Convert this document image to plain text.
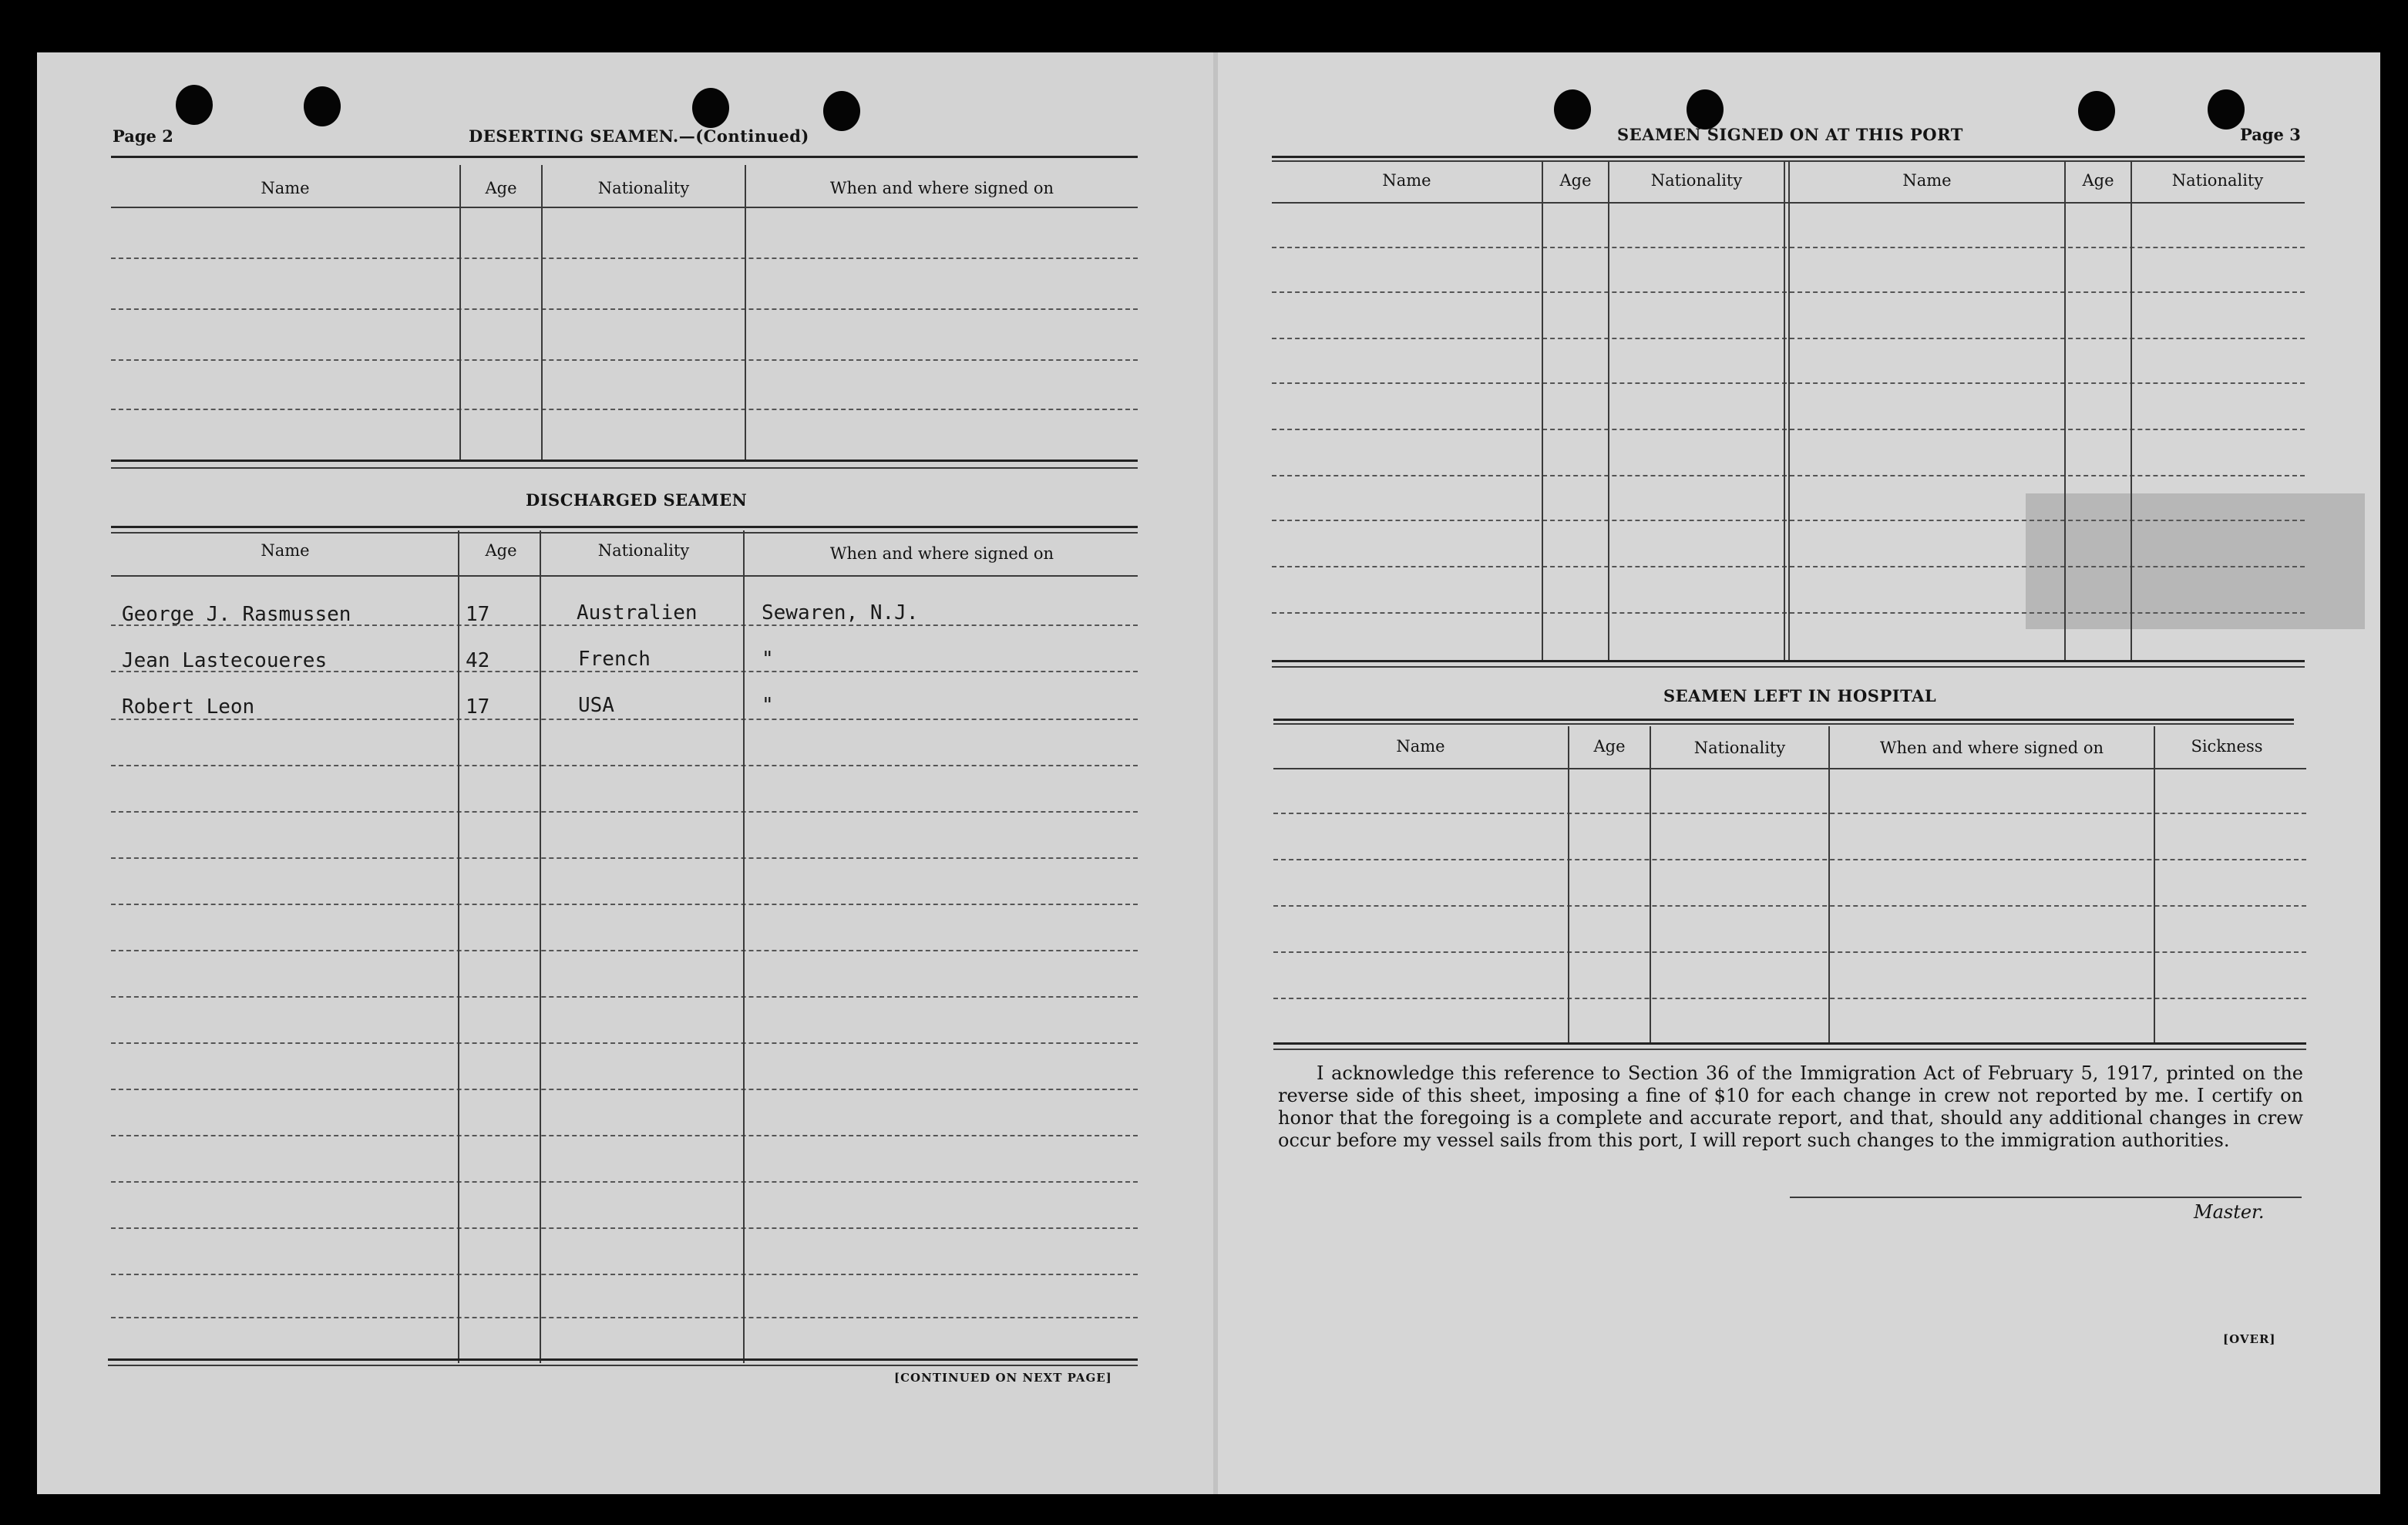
Page 2	DESERTING SEAMEN.—(Continued)
Name	Age	Nationality	When and where signed on
DISCHARGED SEAMEN
Name	Age	Nationality	When and where signed on
George J. Rasmussen	17	Australien	Sewaren, N.J.
Jean Lastecoueres	42	French	"
Robert Leon	17	USA	"
[CONTINUED ON NEXT PAGE]
SEAMEN SIGNED ON AT THIS PORT	Page 3
Name	Age	Nationality	Name	Age	Nationality
SEAMEN LEFT IN HOSPITAL
Name	Age	Nationality	When and where signed on	Sickness
I acknowledge this reference to Section 36 of the Immigration Act of February 5, 1917, printed on the reverse side of this sheet, imposing a fine of $10 for each change in crew not reported by me. I certify on honor that the foregoing is a complete and accurate report, and that, should any additional changes in crew occur before my vessel sails from this port, I will report such changes to the immigration authorities.
Master.
[OVER]
